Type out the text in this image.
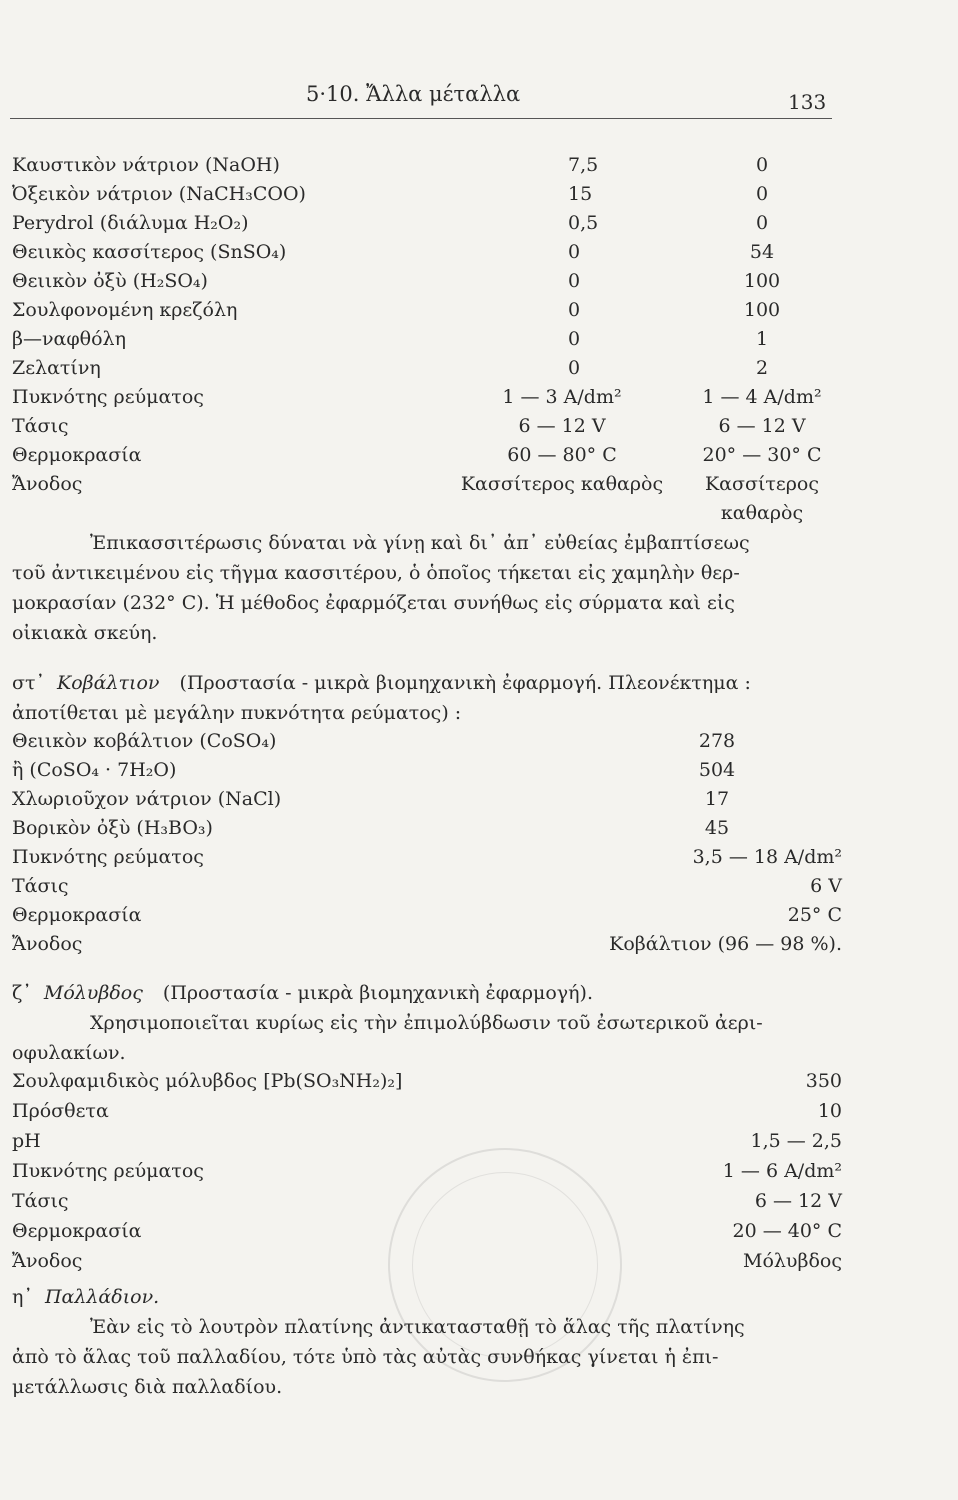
5·10. Ἄλλα μέταλλα	133
Καυστικὸν νάτριον (NaOH)	7,5	0
Ὀξεικὸν νάτριον (NaCH₃COO)	15	0
Perydrol (διάλυμα H₂O₂)	0,5	0
Θειικὸς κασσίτερος (SnSO₄)	0	54
Θειικὸν ὀξὺ (H₂SO₄)	0	100
Σουλφονομένη κρεζόλη	0	100
β—ναφθόλη	0	1
Ζελατίνη	0	2
Πυκνότης ρεύματος	1 — 3 A/dm²	1 — 4 A/dm²
Τάσις	6 — 12 V	6 — 12 V
Θερμοκρασία	60 — 80° C	20° — 30° C
Ἄνοδος	Κασσίτερος καθαρὸς	Κασσίτερος
καθαρὸς
Ἐπικασσιτέρωσις δύναται νὰ γίνῃ καὶ δι᾽ ἀπ᾽ εὐθείας ἐμβαπτίσεως
τοῦ ἀντικειμένου εἰς τῆγμα κασσιτέρου, ὁ ὁποῖος τήκεται εἰς χαμηλὴν θερ-
μοκρασίαν (232° C). Ἡ μέθοδος ἐφαρμόζεται συνήθως εἰς σύρματα καὶ εἰς
οἰκιακὰ σκεύη.
στ᾽ Κοβάλτιον (Προστασία - μικρὰ βιομηχανικὴ ἐφαρμογή. Πλεονέκτημα :
ἀποτίθεται μὲ μεγάλην πυκνότητα ρεύματος) :
Θειικὸν κοβάλτιον (CoSO₄)	278
ἢ (CoSO₄ · 7H₂O)	504
Χλωριοῦχον νάτριον (NaCl)	17
Βορικὸν ὀξὺ (H₃BO₃)	45
Πυκνότης ρεύματος	3,5 — 18 A/dm²
Τάσις	6 V
Θερμοκρασία	25° C
Ἄνοδος	Κοβάλτιον (96 — 98 %).
ζ᾽ Μόλυβδος (Προστασία - μικρὰ βιομηχανικὴ ἐφαρμογή).
Χρησιμοποιεῖται κυρίως εἰς τὴν ἐπιμολύβδωσιν τοῦ ἐσωτερικοῦ ἀερι-
οφυλακίων.
Σουλφαμιδικὸς μόλυβδος [Pb(SO₃NH₂)₂]	350
Πρόσθετα	10
pH	1,5 — 2,5
Πυκνότης ρεύματος	1 — 6 A/dm²
Τάσις	6 — 12 V
Θερμοκρασία	20 — 40° C
Ἄνοδος	Μόλυβδος
η᾽ Παλλάδιον.
Ἐὰν εἰς τὸ λουτρὸν πλατίνης ἀντικατασταθῇ τὸ ἅλας τῆς πλατίνης
ἀπὸ τὸ ἅλας τοῦ παλλαδίου, τότε ὑπὸ τὰς αὐτὰς συνθήκας γίνεται ἡ ἐπι-
μετάλλωσις διὰ παλλαδίου.
